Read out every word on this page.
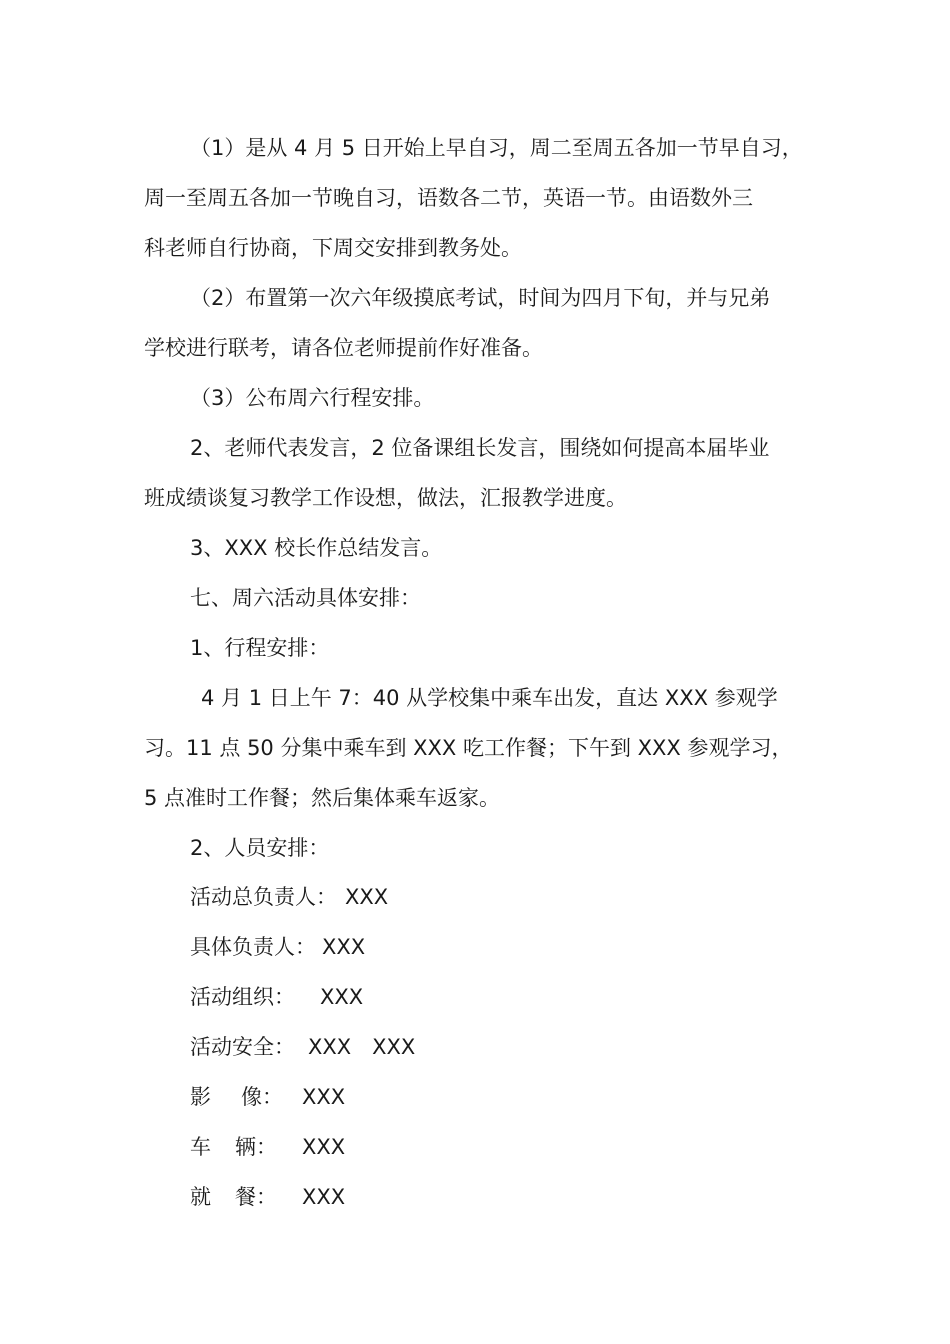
（1）是从 4 月 5 日开始上早自习，周二至周五各加一节早自习，
周一至周五各加一节晚自习，语数各二节，英语一节。由语数外三
科老师自行协商，下周交安排到教务处。
（2）布置第一次六年级摸底考试，时间为四月下旬，并与兄弟
学校进行联考，请各位老师提前作好准备。
（3）公布周六行程安排。
2、老师代表发言，2 位备课组长发言，围绕如何提高本届毕业
班成绩谈复习教学工作设想，做法，汇报教学进度。
3、XXX 校长作总结发言。
七、周六活动具体安排：
1、行程安排：
4 月 1 日上午 7：40 从学校集中乘车出发，直达 XXX 参观学
习。11 点 50 分集中乘车到 XXX 吃工作餐；下午到 XXX 参观学习，
5 点准时工作餐；然后集体乘车返家。
2、人员安排：
活动总负责人： XXX
具体负责人： XXX
活动组织： XXX
活动安全： XXX　XXX
影 像： XXX
车 辆： XXX
就 餐： XXX
